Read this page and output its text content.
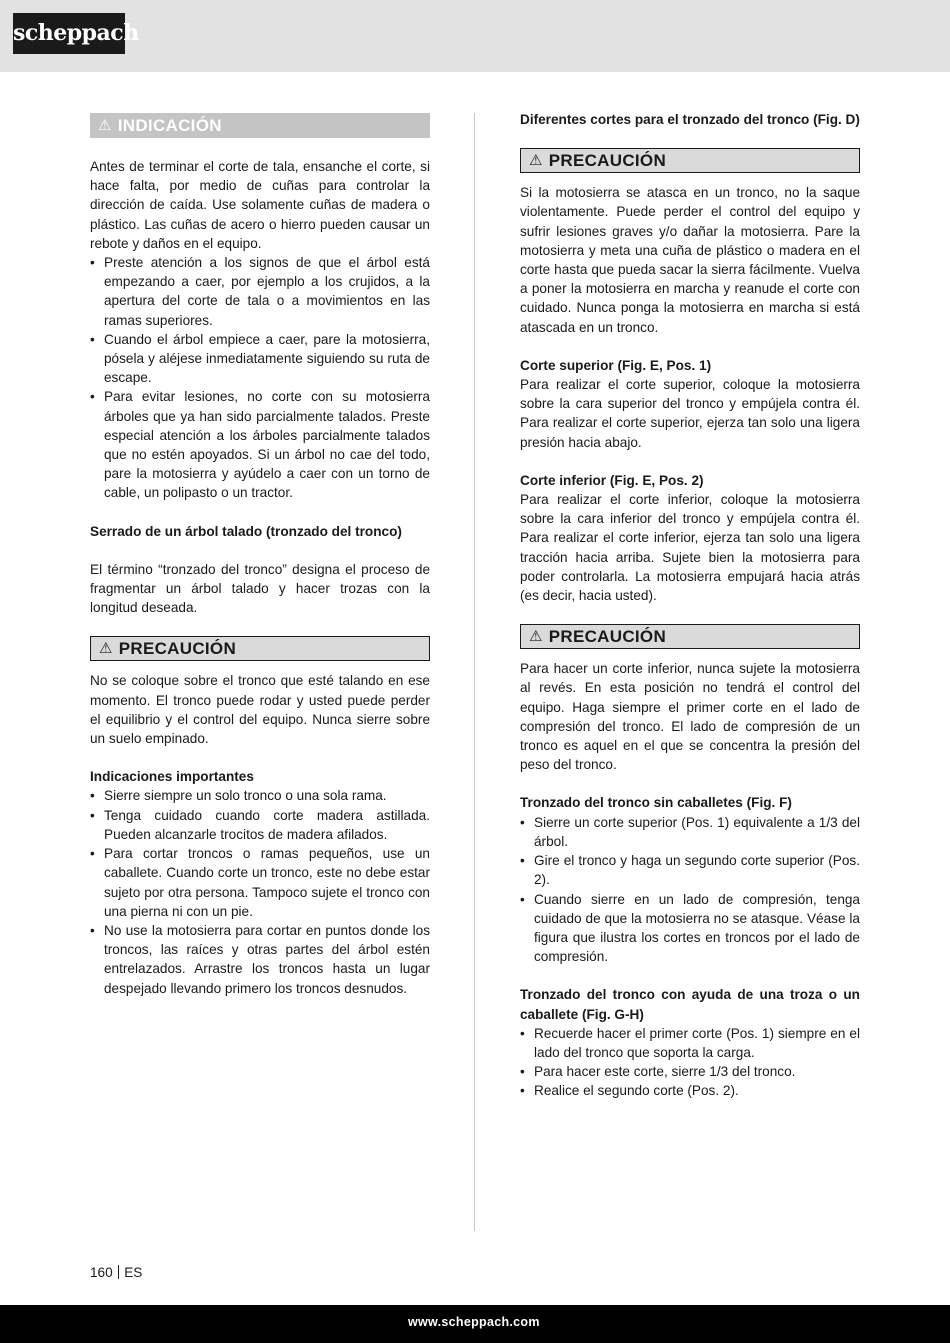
scheppach
⚠ INDICACIÓN

Antes de terminar el corte de tala, ensanche el corte, si hace falta, por medio de cuñas para controlar la dirección de caída. Use solamente cuñas de madera o plástico. Las cuñas de acero o hierro pueden causar un rebote y daños en el equipo.

• Preste atención a los signos de que el árbol está empezando a caer, por ejemplo a los crujidos, a la apertura del corte de tala o a movimientos en las ramas superiores.
• Cuando el árbol empiece a caer, pare la motosierra, pósela y aléjese inmediatamente siguiendo su ruta de escape.
• Para evitar lesiones, no corte con su motosierra árboles que ya han sido parcialmente talados. Preste especial atención a los árboles parcialmente talados que no estén apoyados. Si un árbol no cae del todo, pare la motosierra y ayúdelo a caer con un torno de cable, un polipasto o un tractor.

Serrado de un árbol talado (tronzado del tronco)

El término “tronzado del tronco” designa el proceso de fragmentar un árbol talado y hacer trozas con la longitud deseada.

⚠ PRECAUCIÓN

No se coloque sobre el tronco que esté talando en ese momento. El tronco puede rodar y usted puede perder el equilibrio y el control del equipo. Nunca sierre sobre un suelo empinado.

Indicaciones importantes

• Sierre siempre un solo tronco o una sola rama.
• Tenga cuidado cuando corte madera astillada. Pueden alcanzarle trocitos de madera afilados.
• Para cortar troncos o ramas pequeños, use un caballete. Cuando corte un tronco, este no debe estar sujeto por otra persona. Tampoco sujete el tronco con una pierna ni con un pie.
• No use la motosierra para cortar en puntos donde los troncos, las raíces y otras partes del árbol estén entrelazados. Arrastre los troncos hasta un lugar despejado llevando primero los troncos desnudos.

Diferentes cortes para el tronzado del tronco (Fig. D)

⚠ PRECAUCIÓN

Si la motosierra se atasca en un tronco, no la saque violentamente. Puede perder el control del equipo y sufrir lesiones graves y/o dañar la motosierra. Pare la motosierra y meta una cuña de plástico o madera en el corte hasta que pueda sacar la sierra fácilmente. Vuelva a poner la motosierra en marcha y reanude el corte con cuidado. Nunca ponga la motosierra en marcha si está atascada en un tronco.

Corte superior (Fig. E, Pos. 1)

Para realizar el corte superior, coloque la motosierra sobre la cara superior del tronco y empújela contra él. Para realizar el corte superior, ejerza tan solo una ligera presión hacia abajo.

Corte inferior (Fig. E, Pos. 2)

Para realizar el corte inferior, coloque la motosierra sobre la cara inferior del tronco y empújela contra él. Para realizar el corte inferior, ejerza tan solo una ligera tracción hacia arriba. Sujete bien la motosierra para poder controlarla. La motosierra empujará hacia atrás (es decir, hacia usted).

⚠ PRECAUCIÓN

Para hacer un corte inferior, nunca sujete la motosierra al revés. En esta posición no tendrá el control del equipo. Haga siempre el primer corte en el lado de compresión del tronco. El lado de compresión de un tronco es aquel en el que se concentra la presión del peso del tronco.

Tronzado del tronco sin caballetes (Fig. F)

• Sierre un corte superior (Pos. 1) equivalente a 1/3 del árbol.
• Gire el tronco y haga un segundo corte superior (Pos. 2).
• Cuando sierre en un lado de compresión, tenga cuidado de que la motosierra no se atasque. Véase la figura que ilustra los cortes en troncos por el lado de compresión.

Tronzado del tronco con ayuda de una troza o un caballete (Fig. G-H)

• Recuerde hacer el primer corte (Pos. 1) siempre en el lado del tronco que soporta la carga.
• Para hacer este corte, sierre 1/3 del tronco.
• Realice el segundo corte (Pos. 2).
160 ES
www.scheppach.com
